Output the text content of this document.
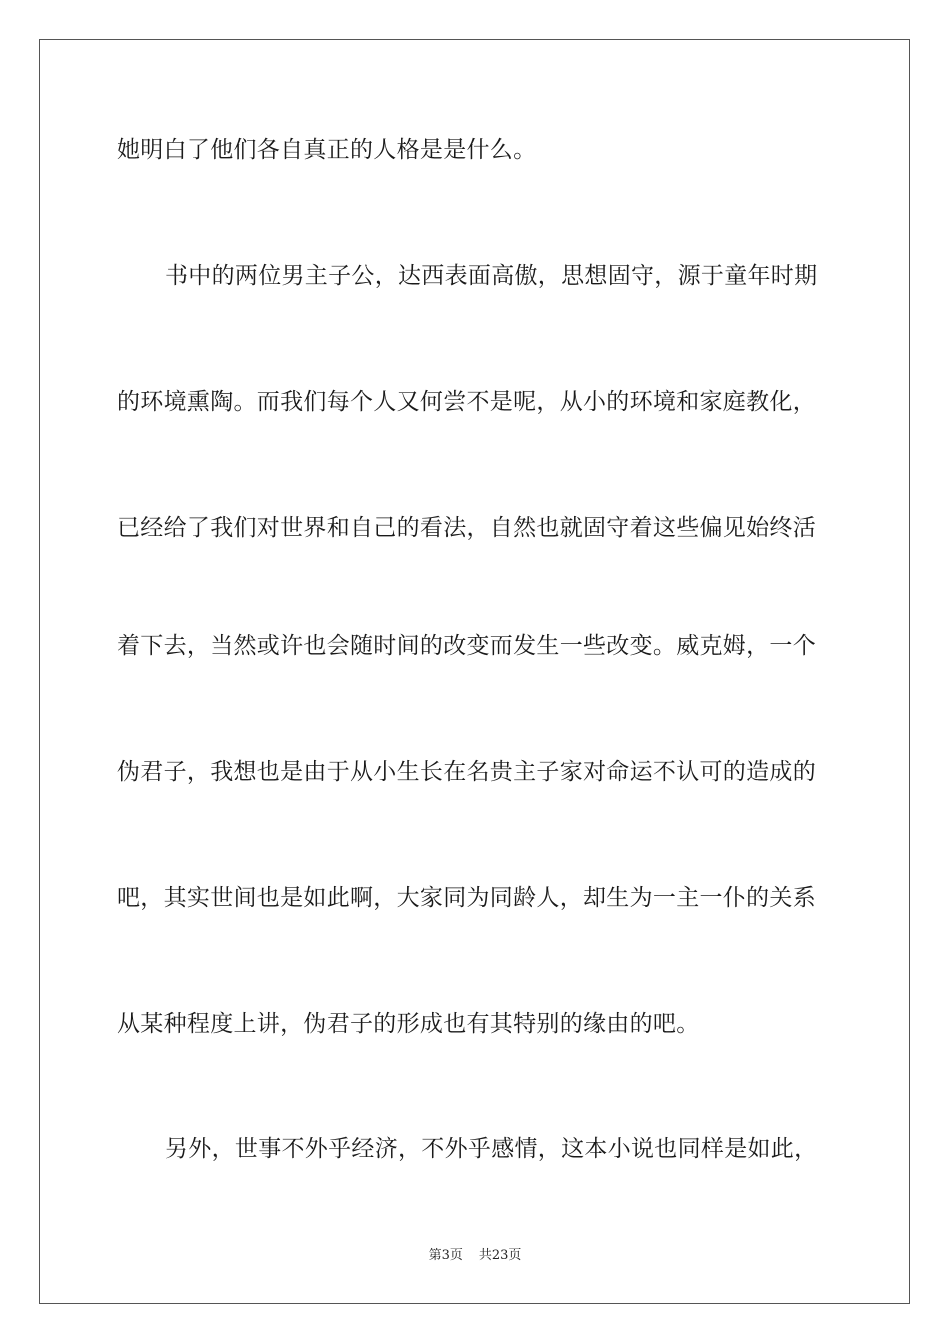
她明白了他们各自真正的人格是是什么。
书中的两位男主子公，达西表面高傲，思想固守，源于童年时期
的环境熏陶。而我们每个人又何尝不是呢，从小的环境和家庭教化，
已经给了我们对世界和自己的看法，自然也就固守着这些偏见始终活
着下去，当然或许也会随时间的改变而发生一些改变。威克姆，一个
伪君子，我想也是由于从小生长在名贵主子家对命运不认可的造成的
吧，其实世间也是如此啊，大家同为同龄人，却生为一主一仆的关系
从某种程度上讲，伪君子的形成也有其特别的缘由的吧。
另外，世事不外乎经济，不外乎感情，这本小说也同样是如此，
第3页 共23页
